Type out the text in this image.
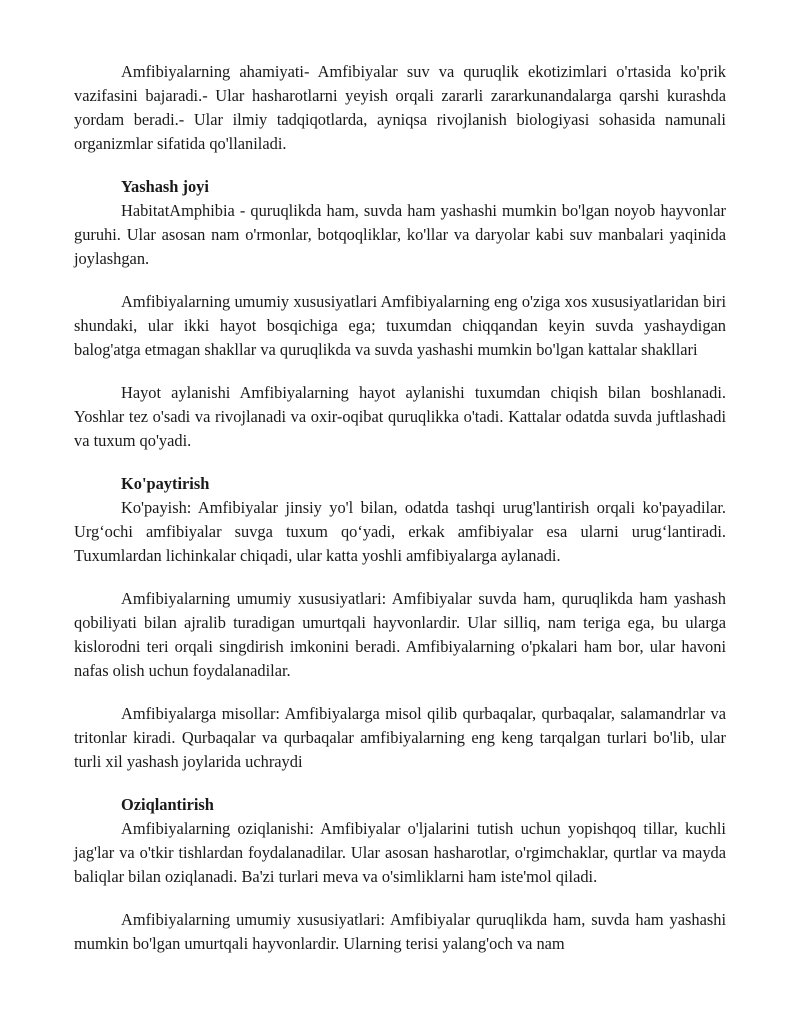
Amfibiyalarning ahamiyati- Amfibiyalar suv va quruqlik ekotizimlari o'rtasida ko'prik vazifasini bajaradi.- Ular hasharotlarni yeyish orqali zararli zararkunandalarga qarshi kurashda yordam beradi.- Ular ilmiy tadqiqotlarda, ayniqsa rivojlanish biologiyasi sohasida namunali organizmlar sifatida qo'llaniladi.

Yashash joyi

HabitatAmphibia - quruqlikda ham, suvda ham yashashi mumkin bo'lgan noyob hayvonlar guruhi. Ular asosan nam o'rmonlar, botqoqliklar, ko'llar va daryolar kabi suv manbalari yaqinida joylashgan.

Amfibiyalarning umumiy xususiyatlari Amfibiyalarning eng o'ziga xos xususiyatlaridan biri shundaki, ular ikki hayot bosqichiga ega; tuxumdan chiqqandan keyin suvda yashaydigan balog'atga etmagan shakllar va quruqlikda va suvda yashashi mumkin bo'lgan kattalar shakllari

Hayot aylanishi Amfibiyalarning hayot aylanishi tuxumdan chiqish bilan boshlanadi. Yoshlar tez o'sadi va rivojlanadi va oxir-oqibat quruqlikka o'tadi. Kattalar odatda suvda juftlashadi va tuxum qo'yadi.

Ko'paytirish

Ko'payish: Amfibiyalar jinsiy yo'l bilan, odatda tashqi urug'lantirish orqali ko'payadilar. Urg‘ochi amfibiyalar suvga tuxum qo‘yadi, erkak amfibiyalar esa ularni urug‘lantiradi. Tuxumlardan lichinkalar chiqadi, ular katta yoshli amfibiyalarga aylanadi.

Amfibiyalarning umumiy xususiyatlari: Amfibiyalar suvda ham, quruqlikda ham yashash qobiliyati bilan ajralib turadigan umurtqali hayvonlardir. Ular silliq, nam teriga ega, bu ularga kislorodni teri orqali singdirish imkonini beradi. Amfibiyalarning o'pkalari ham bor, ular havoni nafas olish uchun foydalanadilar.

Amfibiyalarga misollar: Amfibiyalarga misol qilib qurbaqalar, qurbaqalar, salamandrlar va tritonlar kiradi. Qurbaqalar va qurbaqalar amfibiyalarning eng keng tarqalgan turlari bo'lib, ular turli xil yashash joylarida uchraydi

Oziqlantirish

Amfibiyalarning oziqlanishi: Amfibiyalar o'ljalarini tutish uchun yopishqoq tillar, kuchli jag'lar va o'tkir tishlardan foydalanadilar. Ular asosan hasharotlar, o'rgimchaklar, qurtlar va mayda baliqlar bilan oziqlanadi. Ba'zi turlari meva va o'simliklarni ham iste'mol qiladi.

Amfibiyalarning umumiy xususiyatlari: Amfibiyalar quruqlikda ham, suvda ham yashashi mumkin bo'lgan umurtqali hayvonlardir. Ularning terisi yalang'och va nam
